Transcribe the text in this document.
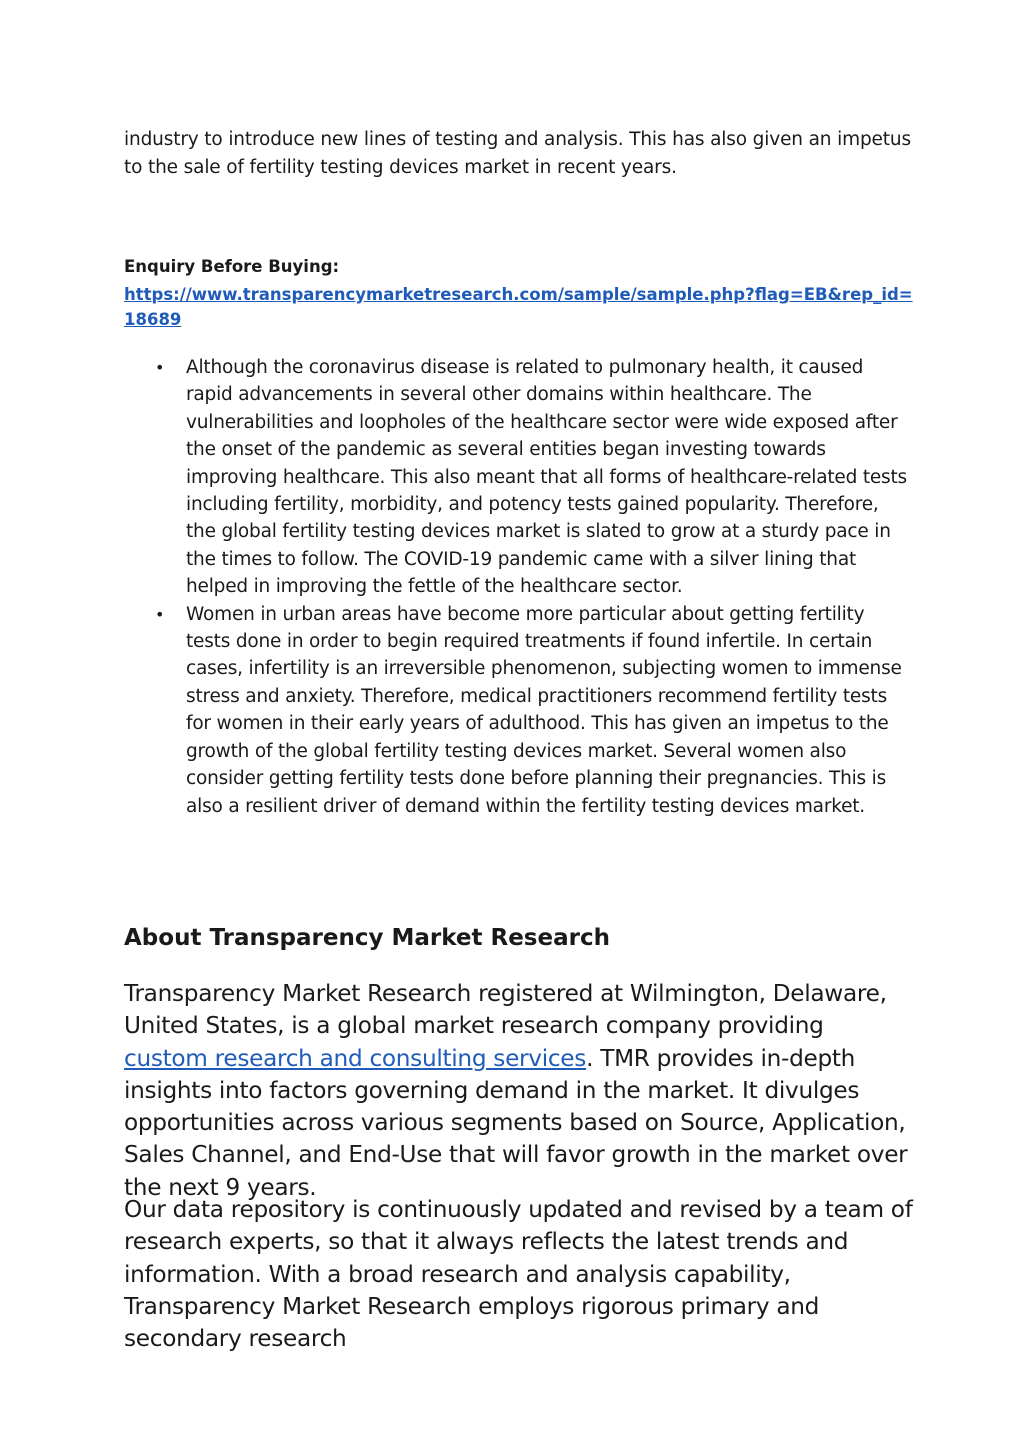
industry to introduce new lines of testing and analysis. This has also given an impetus to the sale of fertility testing devices market in recent years.

Enquiry Before Buying:

https://www.transparencymarketresearch.com/sample/sample.php?flag=EB&rep_id=18689
• Although the coronavirus disease is related to pulmonary health, it caused rapid advancements in several other domains within healthcare. The vulnerabilities and loopholes of the healthcare sector were wide exposed after the onset of the pandemic as several entities began investing towards improving healthcare. This also meant that all forms of healthcare-related tests including fertility, morbidity, and potency tests gained popularity. Therefore, the global fertility testing devices market is slated to grow at a sturdy pace in the times to follow. The COVID-19 pandemic came with a silver lining that helped in improving the fettle of the healthcare sector.
• Women in urban areas have become more particular about getting fertility tests done in order to begin required treatments if found infertile. In certain cases, infertility is an irreversible phenomenon, subjecting women to immense stress and anxiety. Therefore, medical practitioners recommend fertility tests for women in their early years of adulthood. This has given an impetus to the growth of the global fertility testing devices market. Several women also consider getting fertility tests done before planning their pregnancies. This is also a resilient driver of demand within the fertility testing devices market.
About Transparency Market Research

Transparency Market Research registered at Wilmington, Delaware, United States, is a global market research company providing custom research and consulting services. TMR provides in-depth insights into factors governing demand in the market. It divulges opportunities across various segments based on Source, Application, Sales Channel, and End-Use that will favor growth in the market over the next 9 years.

Our data repository is continuously updated and revised by a team of research experts, so that it always reflects the latest trends and information. With a broad research and analysis capability, Transparency Market Research employs rigorous primary and secondary research
